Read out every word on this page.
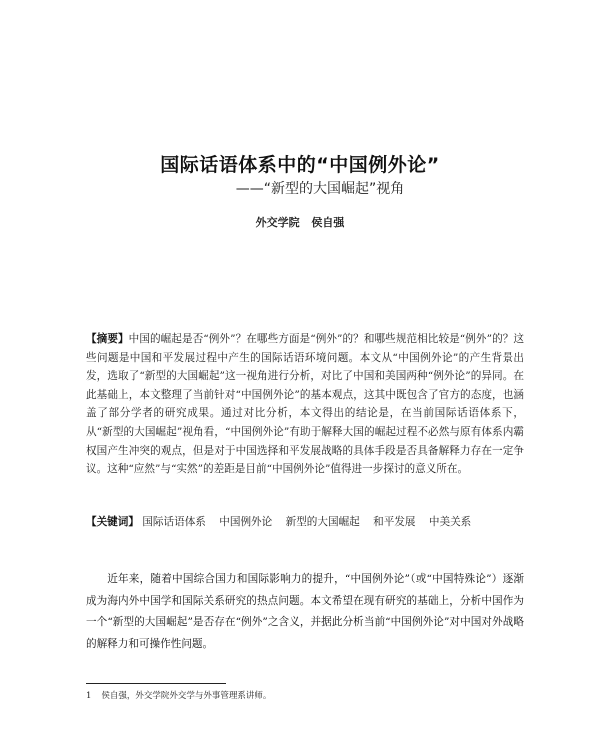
国际话语体系中的“中国例外论”
——“新型的大国崛起”视角
外交学院 侯自强
【摘要】中国的崛起是否“例外”？在哪些方面是“例外”的？和哪些规范相比较是“例外”的？这些问题是中国和平发展过程中产生的国际话语环境问题。本文从“中国例外论”的产生背景出发，选取了“新型的大国崛起”这一视角进行分析，对比了中国和美国两种“例外论”的异同。在此基础上，本文整理了当前针对“中国例外论”的基本观点，这其中既包含了官方的态度，也涵盖了部分学者的研究成果。通过对比分析，本文得出的结论是，在当前国际话语体系下，从“新型的大国崛起”视角看，“中国例外论”有助于解释大国的崛起过程不必然与原有体系内霸权国产生冲突的观点，但是对于中国选择和平发展战略的具体手段是否具备解释力存在一定争议。这种“应然”与“实然”的差距是目前“中国例外论”值得进一步探讨的意义所在。
【关键词】 国际话语体系 中国例外论 新型的大国崛起 和平发展 中美关系
近年来，随着中国综合国力和国际影响力的提升，“中国例外论”（或“中国特殊论”）逐渐成为海内外中国学和国际关系研究的热点问题。本文希望在现有研究的基础上，分析中国作为一个“新型的大国崛起”是否存在“例外”之含义，并据此分析当前“中国例外论”对中国对外战略的解释力和可操作性问题。
1 侯自强，外交学院外交学与外事管理系讲师。
